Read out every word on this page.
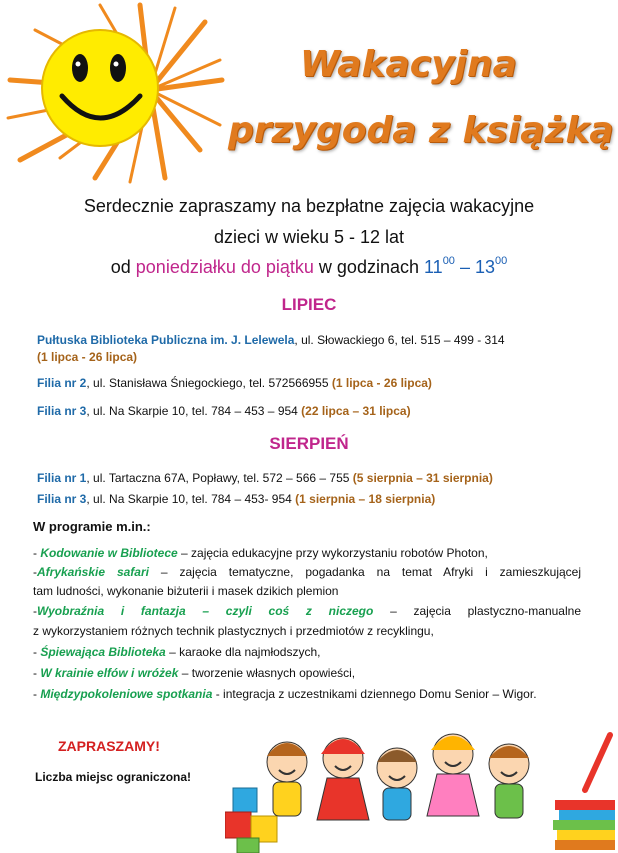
Wakacyjna
przygoda z książką
Serdecznie zapraszamy na bezpłatne zajęcia wakacyjne
dzieci w wieku 5 - 12 lat
od poniedziałku do piątku w godzinach $11^{00} - 13^{00}$
LIPIEC
Pułtuska Biblioteka Publiczna im. J. Lelewela, ul. Słowackiego 6, tel. 515 – 499 - 314
(1 lipca - 26 lipca)
Filia nr 2, ul. Stanisława Śniegockiego, tel. 572566955 (1 lipca - 26 lipca)
Filia nr 3, ul. Na Skarpie 10, tel. 784 – 453 – 954 (22 lipca – 31 lipca)
SIERPIEŃ
Filia nr 1, ul. Tartaczna 67A, Popławy, tel. 572 – 566 – 755 (5 sierpnia – 31 sierpnia)
Filia nr 3, ul. Na Skarpie 10, tel. 784 – 453- 954 (1 sierpnia – 18 sierpnia)
W programie m.in.:
- Kodowanie w Bibliotece – zajęcia edukacyjne przy wykorzystaniu robotów Photon,
-Afrykańskie safari – zajęcia tematyczne, pogadanka na temat Afryki i zamieszkującej
tam ludności, wykonanie biżuterii i masek dzikich plemion
-Wyobraźnia i fantazja – czyli coś z niczego – zajęcia plastyczno-manualne
z wykorzystaniem różnych technik plastycznych i przedmiotów z recyklingu,
- Śpiewająca Biblioteka – karaoke dla najmłodszych,
- W krainie elfów i wróżek – tworzenie własnych opowieści,
- Międzypokoleniowe spotkania - integracja z uczestnikami dziennego Domu Senior – Wigor.
ZAPRASZAMY!
Liczba miejsc ograniczona!
